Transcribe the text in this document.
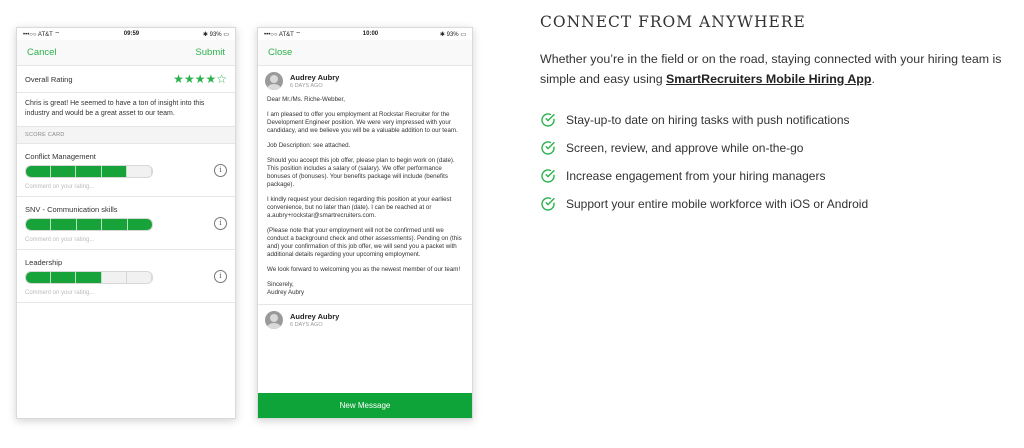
•••○○ AT&T ⌔	09:59	✱ 93% ▭
Cancel	Submit
Overall Rating	★★★★☆
Chris is great! He seemed to have a ton of insight into this industry and would be a great asset to our team.
SCORE CARD
Conflict Management
i
Comment on your rating...
SNV - Communication skills
i
Comment on your rating...
Leadership
i
Comment on your rating...
•••○○ AT&T ⌔	10:00	✱ 93% ▭
Close
Audrey Aubry
6 DAYS AGO

Dear Mr./Ms. Riche-Webber,

I am pleased to offer you employment at Rockstar Recruiter for the Development Engineer position. We were very impressed with your candidacy, and we believe you will be a valuable addition to our team.

Job Description: see attached.

Should you accept this job offer, please plan to begin work on (date). This position includes a salary of (salary). We offer performance bonuses of (bonuses). Your benefits package will include (benefits package).

I kindly request your decision regarding this position at your earliest convenience, but no later than (date). I can be reached at or a.aubry+rockstar@smartrecruiters.com.

(Please note that your employment will not be confirmed until we conduct a background check and other assessments). Pending on (this and) your confirmation of this job offer, we will send you a packet with additional details regarding your upcoming employment.

We look forward to welcoming you as the newest member of our team!

Sincerely,
Audrey Aubry

Audrey Aubry
6 DAYS AGO
New Message
CONNECT FROM ANYWHERE
Whether you’re in the field or on the road, staying connected with your hiring team is simple and easy using SmartRecruiters Mobile Hiring App.
Stay-up-to date on hiring tasks with push notifications
Screen, review, and approve while on-the-go
Increase engagement from your hiring managers
Support your entire mobile workforce with iOS or Android
